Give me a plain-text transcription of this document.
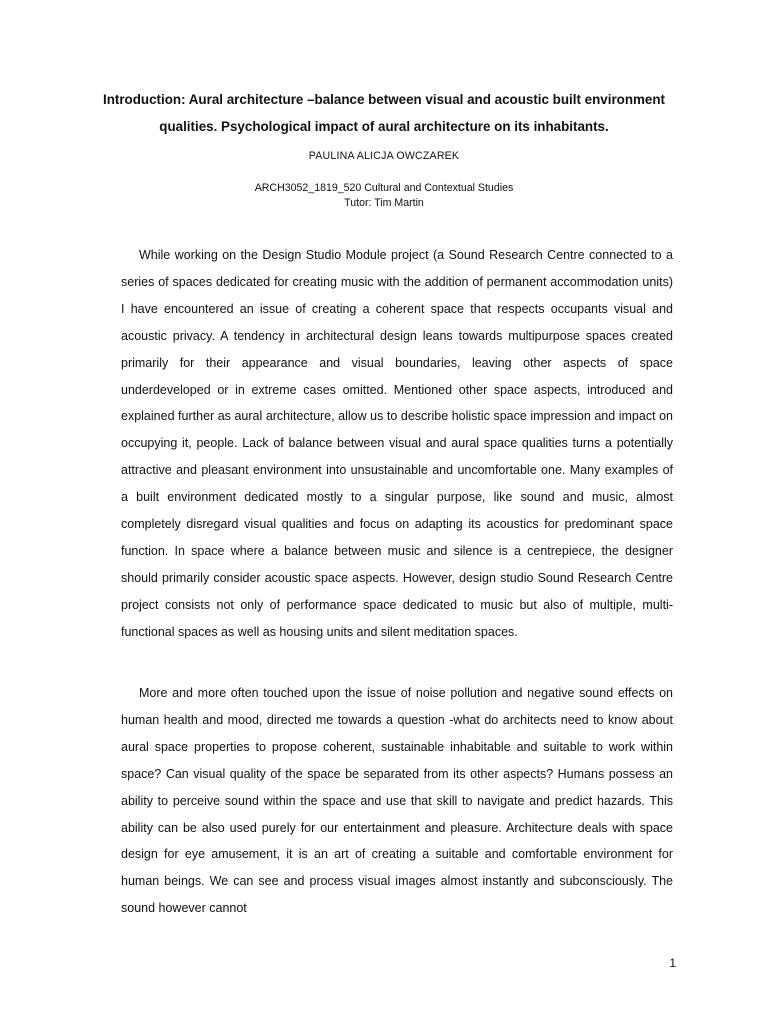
Introduction: Aural architecture –balance between visual and acoustic built environment qualities. Psychological impact of aural architecture on its inhabitants.

PAULINA ALICJA OWCZAREK
ARCH3052_1819_520 Cultural and Contextual Studies
Tutor: Tim Martin

While working on the Design Studio Module project (a Sound Research Centre connected to a series of spaces dedicated for creating music with the addition of permanent accommodation units) I have encountered an issue of creating a coherent space that respects occupants visual and acoustic privacy. A tendency in architectural design leans towards multipurpose spaces created primarily for their appearance and visual boundaries, leaving other aspects of space underdeveloped or in extreme cases omitted. Mentioned other space aspects, introduced and explained further as aural architecture, allow us to describe holistic space impression and impact on occupying it, people. Lack of balance between visual and aural space qualities turns a potentially attractive and pleasant environment into unsustainable and uncomfortable one. Many examples of a built environment dedicated mostly to a singular purpose, like sound and music, almost completely disregard visual qualities and focus on adapting its acoustics for predominant space function. In space where a balance between music and silence is a centrepiece, the designer should primarily consider acoustic space aspects. However, design studio Sound Research Centre project consists not only of performance space dedicated to music but also of multiple, multi-functional spaces as well as housing units and silent meditation spaces.

More and more often touched upon the issue of noise pollution and negative sound effects on human health and mood, directed me towards a question -what do architects need to know about aural space properties to propose coherent, sustainable inhabitable and suitable to work within space? Can visual quality of the space be separated from its other aspects? Humans possess an ability to perceive sound within the space and use that skill to navigate and predict hazards. This ability can be also used purely for our entertainment and pleasure. Architecture deals with space design for eye amusement, it is an art of creating a suitable and comfortable environment for human beings. We can see and process visual images almost instantly and subconsciously. The sound however cannot

1
